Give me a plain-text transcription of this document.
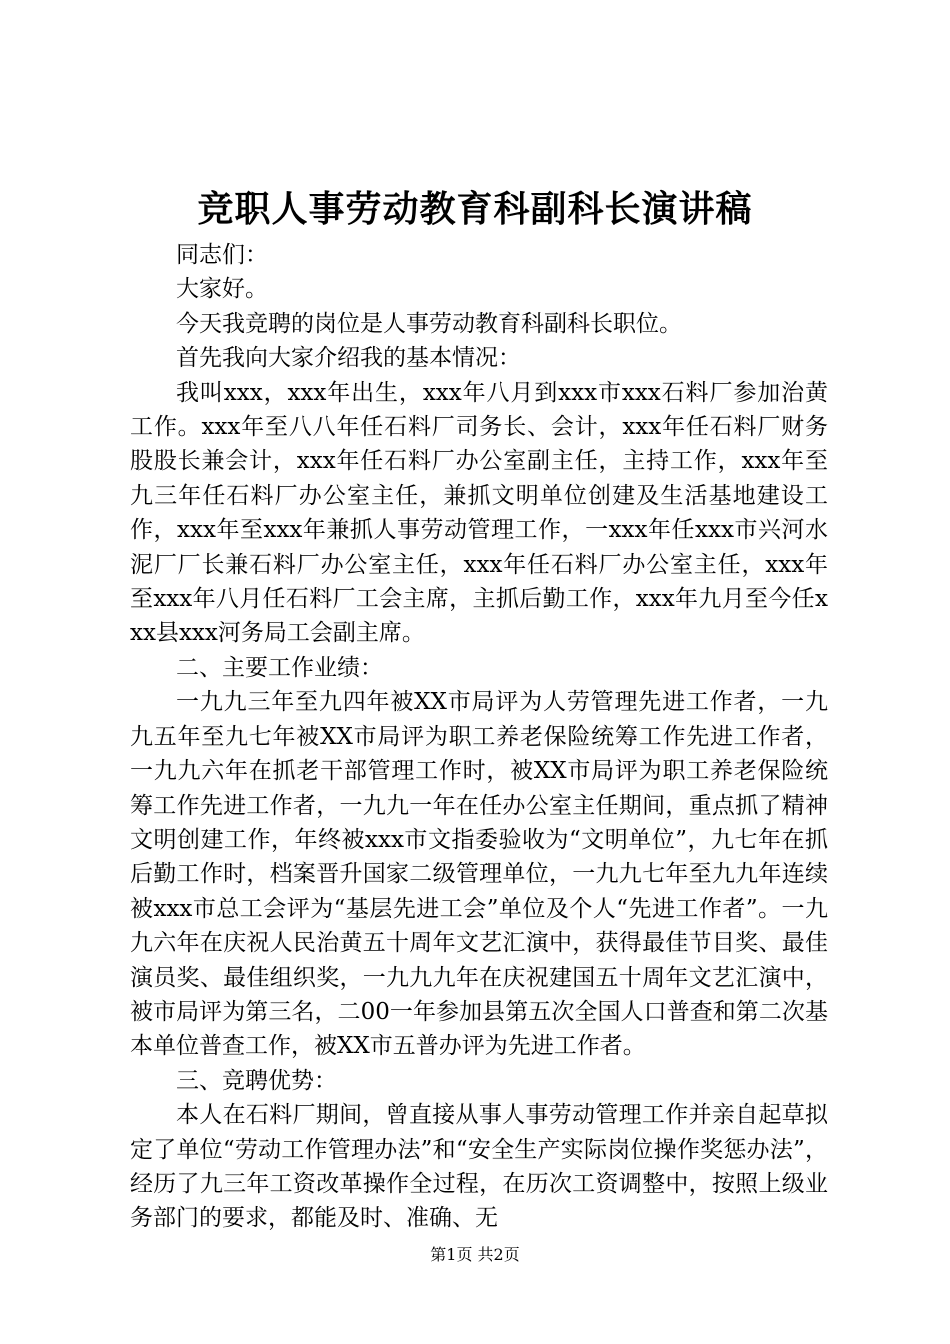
竞职人事劳动教育科副科长演讲稿

同志们：

大家好。

今天我竞聘的岗位是人事劳动教育科副科长职位。

首先我向大家介绍我的基本情况：

我叫xxx，xxx年出生，xxx年八月到xxx市xxx石料厂参加治黄工作。xxx年至八八年任石料厂司务长、会计，xxx年任石料厂财务股股长兼会计，xxx年任石料厂办公室副主任，主持工作，xxx年至九三年任石料厂办公室主任，兼抓文明单位创建及生活基地建设工作，xxx年至xxx年兼抓人事劳动管理工作，一xxx年任xxx市兴河水泥厂厂长兼石料厂办公室主任，xxx年任石料厂办公室主任，xxx年至xxx年八月任石料厂工会主席，主抓后勤工作，xxx年九月至今任xxx县xxx河务局工会副主席。

二、主要工作业绩：

一九九三年至九四年被XX市局评为人劳管理先进工作者，一九九五年至九七年被XX市局评为职工养老保险统筹工作先进工作者，一九九六年在抓老干部管理工作时，被XX市局评为职工养老保险统筹工作先进工作者，一九九一年在任办公室主任期间，重点抓了精神文明创建工作，年终被xxx市文指委验收为“文明单位”，九七年在抓后勤工作时，档案晋升国家二级管理单位，一九九七年至九九年连续被xxx市总工会评为“基层先进工会”单位及个人“先进工作者”。一九九六年在庆祝人民治黄五十周年文艺汇演中，获得最佳节目奖、最佳演员奖、最佳组织奖，一九九九年在庆祝建国五十周年文艺汇演中，被市局评为第三名，二00一年参加县第五次全国人口普查和第二次基本单位普查工作，被XX市五普办评为先进工作者。

三、竞聘优势：

本人在石料厂期间，曾直接从事人事劳动管理工作并亲自起草拟定了单位“劳动工作管理办法”和“安全生产实际岗位操作奖惩办法”，经历了九三年工资改革操作全过程，在历次工资调整中，按照上级业务部门的要求，都能及时、准确、无

第1页 共2页
